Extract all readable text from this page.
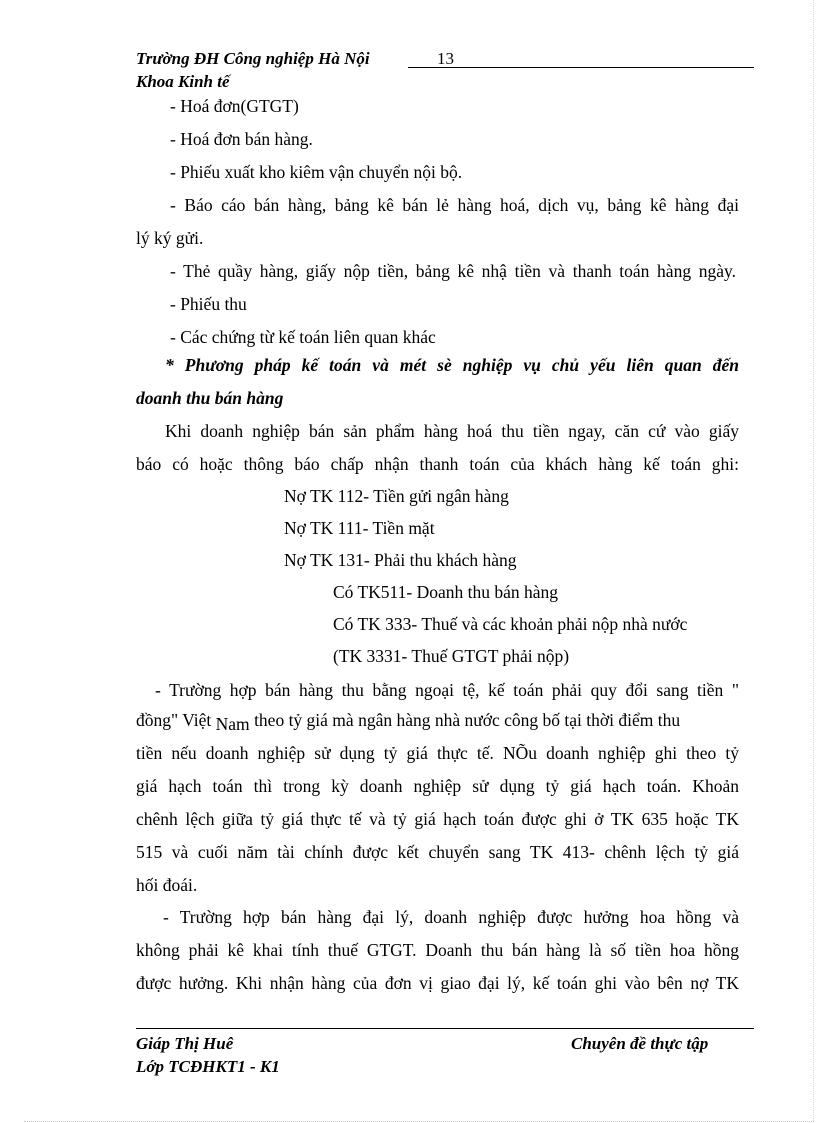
Trường ĐH Công nghiệp Hà Nội	13
Khoa Kinh tế
- Hoá đơn(GTGT)
- Hoá đơn bán hàng.
- Phiếu xuất kho kiêm vận chuyển nội bộ.
- Báo cáo bán hàng, bảng kê bán lẻ hàng hoá, dịch vụ, bảng kê hàng đại
lý ký gửi.
- Thẻ quầy hàng, giấy nộp tiền, bảng kê nhậ tiền và thanh toán hàng ngày.
- Phiếu thu
- Các chứng từ kế toán liên quan khác
* Phương pháp kế toán và mét sè nghiệp vụ chủ yếu liên quan đến
doanh thu bán hàng
Khi doanh nghiệp bán sản phẩm hàng hoá thu tiền ngay, căn cứ vào giấy
báo có hoặc thông báo chấp nhận thanh toán của khách hàng kế toán ghi:
Nợ TK 112- Tiền gửi ngân hàng
Nợ TK 111- Tiền mặt
Nợ TK 131- Phải thu khách hàng
Có TK511- Doanh thu bán hàng
Có TK 333- Thuế và các khoản phải nộp nhà nước
(TK 3331- Thuế GTGT phải nộp)
- Trường hợp bán hàng thu bằng ngoại tệ, kế toán phải quy đổi sang tiền "
đồng" Việt Nam theo tỷ giá mà ngân hàng nhà nước công bố tại thời điểm thu
tiền nếu doanh nghiệp sử dụng tỷ giá thực tế. NÕu doanh nghiệp ghi theo tỷ
giá hạch toán thì trong kỳ doanh nghiệp sử dụng tỷ giá hạch toán. Khoản
chênh lệch giữa tỷ giá thực tế và tỷ giá hạch toán được ghi ở TK 635 hoặc TK
515 và cuối năm tài chính được kết chuyển sang TK 413- chênh lệch tỷ giá
hối đoái.
- Trường hợp bán hàng đại lý, doanh nghiệp được hưởng hoa hồng và
không phải kê khai tính thuế GTGT. Doanh thu bán hàng là số tiền hoa hồng
được hưởng. Khi nhận hàng của đơn vị giao đại lý, kế toán ghi vào bên nợ TK
Giáp Thị Huê	Chuyên đề thực tập
Lớp TCĐHKT1 - K1
